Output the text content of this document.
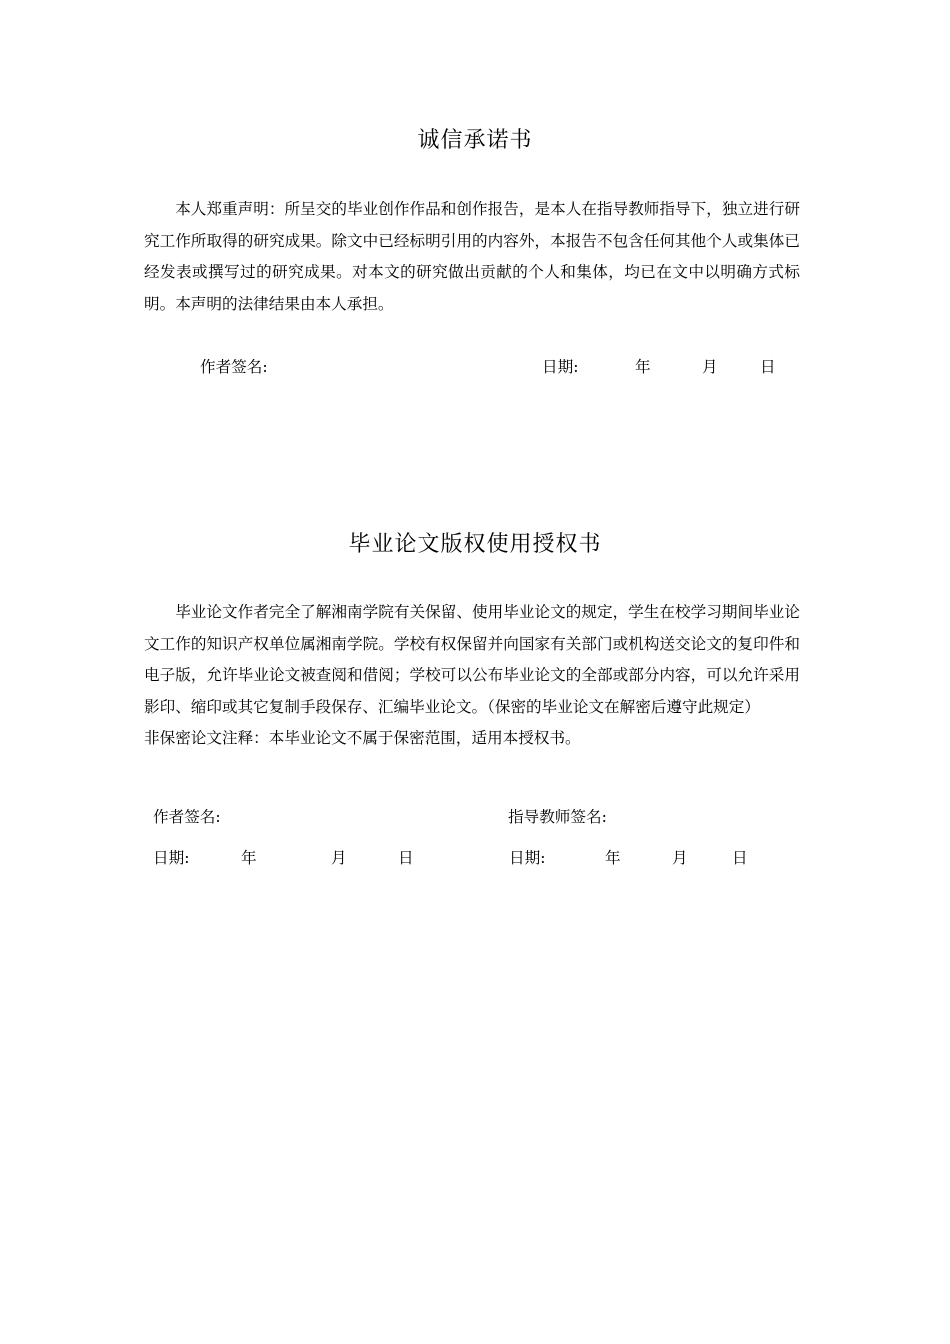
诚信承诺书

本人郑重声明：所呈交的毕业创作作品和创作报告，是本人在指导教师指导下，独立进行研究工作所取得的研究成果。除文中已经标明引用的内容外，本报告不包含任何其他个人或集体已经发表或撰写过的研究成果。对本文的研究做出贡献的个人和集体，均已在文中以明确方式标明。本声明的法律结果由本人承担。

作者签名:	日期:	年	月	日
毕业论文版权使用授权书

毕业论文作者完全了解湘南学院有关保留、使用毕业论文的规定，学生在校学习期间毕业论文工作的知识产权单位属湘南学院。学校有权保留并向国家有关部门或机构送交论文的复印件和电子版，允许毕业论文被查阅和借阅；学校可以公布毕业论文的全部或部分内容，可以允许采用影印、缩印或其它复制手段保存、汇编毕业论文。（保密的毕业论文在解密后遵守此规定）

非保密论文注释：本毕业论文不属于保密范围，适用本授权书。

作者签名:	指导教师签名:
日期:	年	月	日	日期:	年	月	日
